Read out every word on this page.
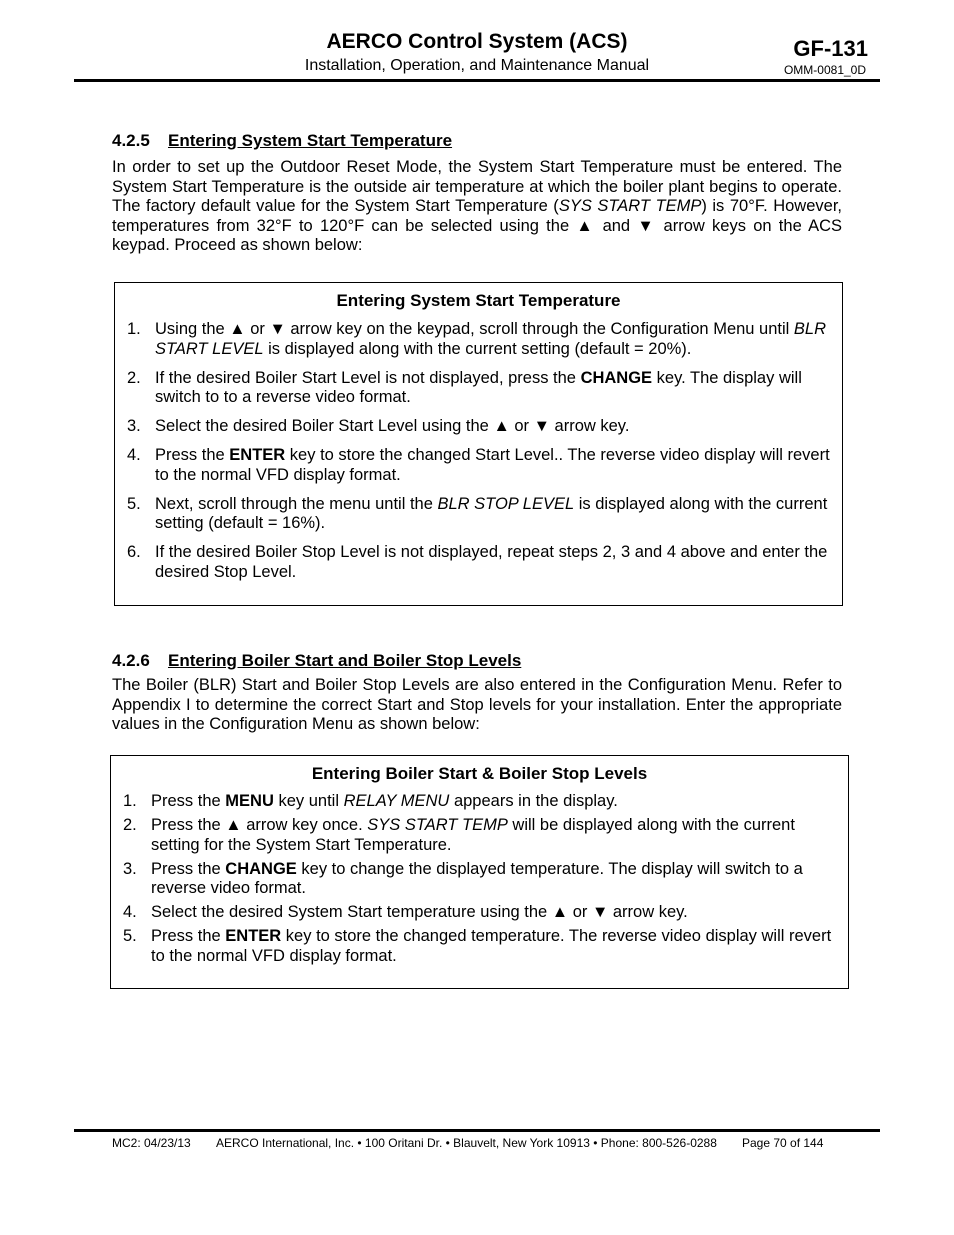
AERCO Control System (ACS)
Installation, Operation, and Maintenance Manual
GF-131
OMM-0081_0D
4.2.5 Entering System Start Temperature
In order to set up the Outdoor Reset Mode, the System Start Temperature must be entered. The System Start Temperature is the outside air temperature at which the boiler plant begins to operate. The factory default value for the System Start Temperature (SYS START TEMP) is 70°F. However, temperatures from 32°F to 120°F can be selected using the ▲ and ▼ arrow keys on the ACS keypad. Proceed as shown below:
Entering System Start Temperature
1. Using the ▲ or ▼ arrow key on the keypad, scroll through the Configuration Menu until BLR START LEVEL is displayed along with the current setting (default = 20%).
2. If the desired Boiler Start Level is not displayed, press the CHANGE key. The display will switch to to a reverse video format.
3. Select the desired Boiler Start Level using the ▲ or ▼ arrow key.
4. Press the ENTER key to store the changed Start Level.. The reverse video display will revert to the normal VFD display format.
5. Next, scroll through the menu until the BLR STOP LEVEL is displayed along with the current setting (default = 16%).
6. If the desired Boiler Stop Level is not displayed, repeat steps 2, 3 and 4 above and enter the desired Stop Level.
4.2.6 Entering Boiler Start and Boiler Stop Levels
The Boiler (BLR) Start and Boiler Stop Levels are also entered in the Configuration Menu. Refer to Appendix I to determine the correct Start and Stop levels for your installation. Enter the appropriate values in the Configuration Menu as shown below:
Entering Boiler Start & Boiler Stop Levels
1. Press the MENU key until RELAY MENU appears in the display.
2. Press the ▲ arrow key once. SYS START TEMP will be displayed along with the current setting for the System Start Temperature.
3. Press the CHANGE key to change the displayed temperature. The display will switch to a reverse video format.
4. Select the desired System Start temperature using the ▲ or ▼ arrow key.
5. Press the ENTER key to store the changed temperature. The reverse video display will revert to the normal VFD display format.
MC2: 04/23/13 AERCO International, Inc. • 100 Oritani Dr. • Blauvelt, New York 10913 • Phone: 800-526-0288 Page 70 of 144
